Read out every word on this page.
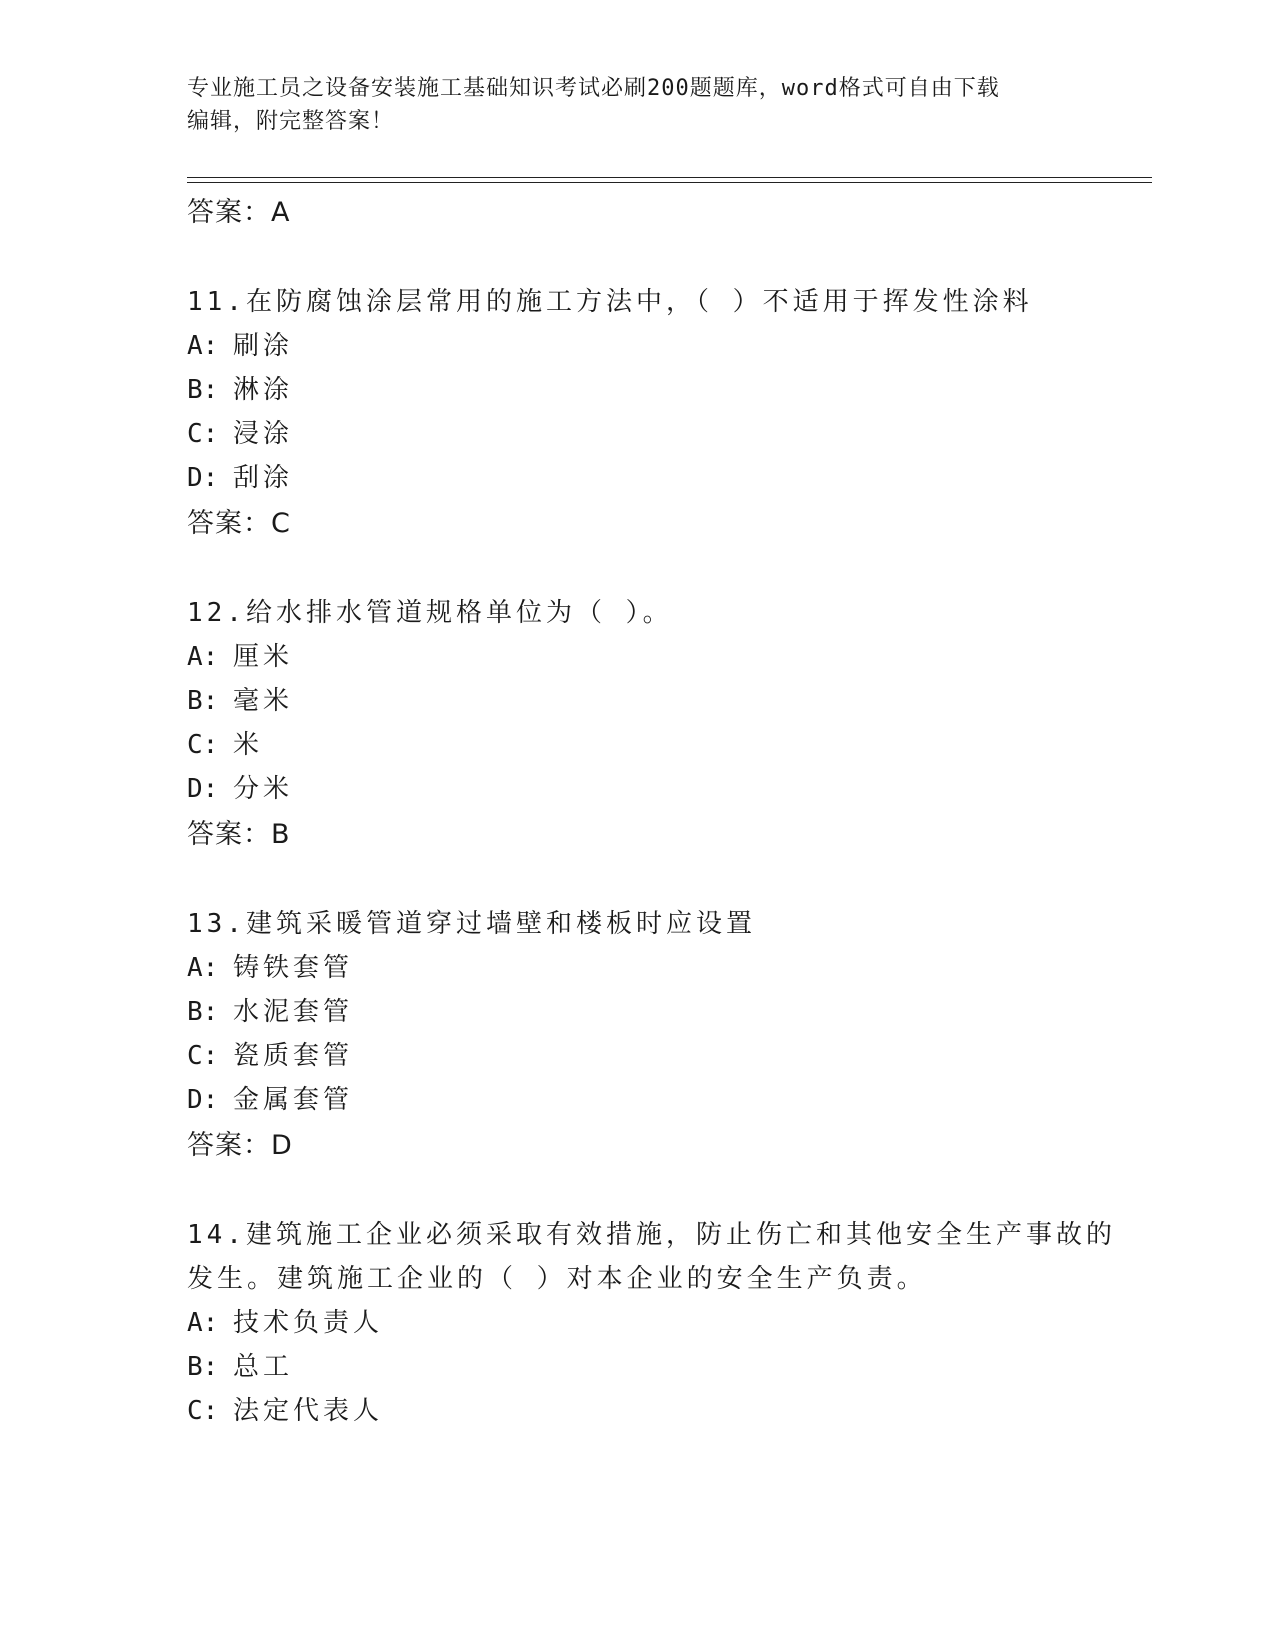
专业施工员之设备安装施工基础知识考试必刷200题题库，word格式可自由下载
编辑，附完整答案！
答案：A
11.在防腐蚀涂层常用的施工方法中，（ ）不适用于挥发性涂料
A: 刷涂
B: 淋涂
C: 浸涂
D: 刮涂
答案：C
12.给水排水管道规格单位为（ ）。
A: 厘米
B: 毫米
C: 米
D: 分米
答案：B
13.建筑采暖管道穿过墙壁和楼板时应设置
A: 铸铁套管
B: 水泥套管
C: 瓷质套管
D: 金属套管
答案：D
14.建筑施工企业必须采取有效措施，防止伤亡和其他安全生产事故的
发生。建筑施工企业的（ ）对本企业的安全生产负责。
A: 技术负责人
B: 总工
C: 法定代表人
